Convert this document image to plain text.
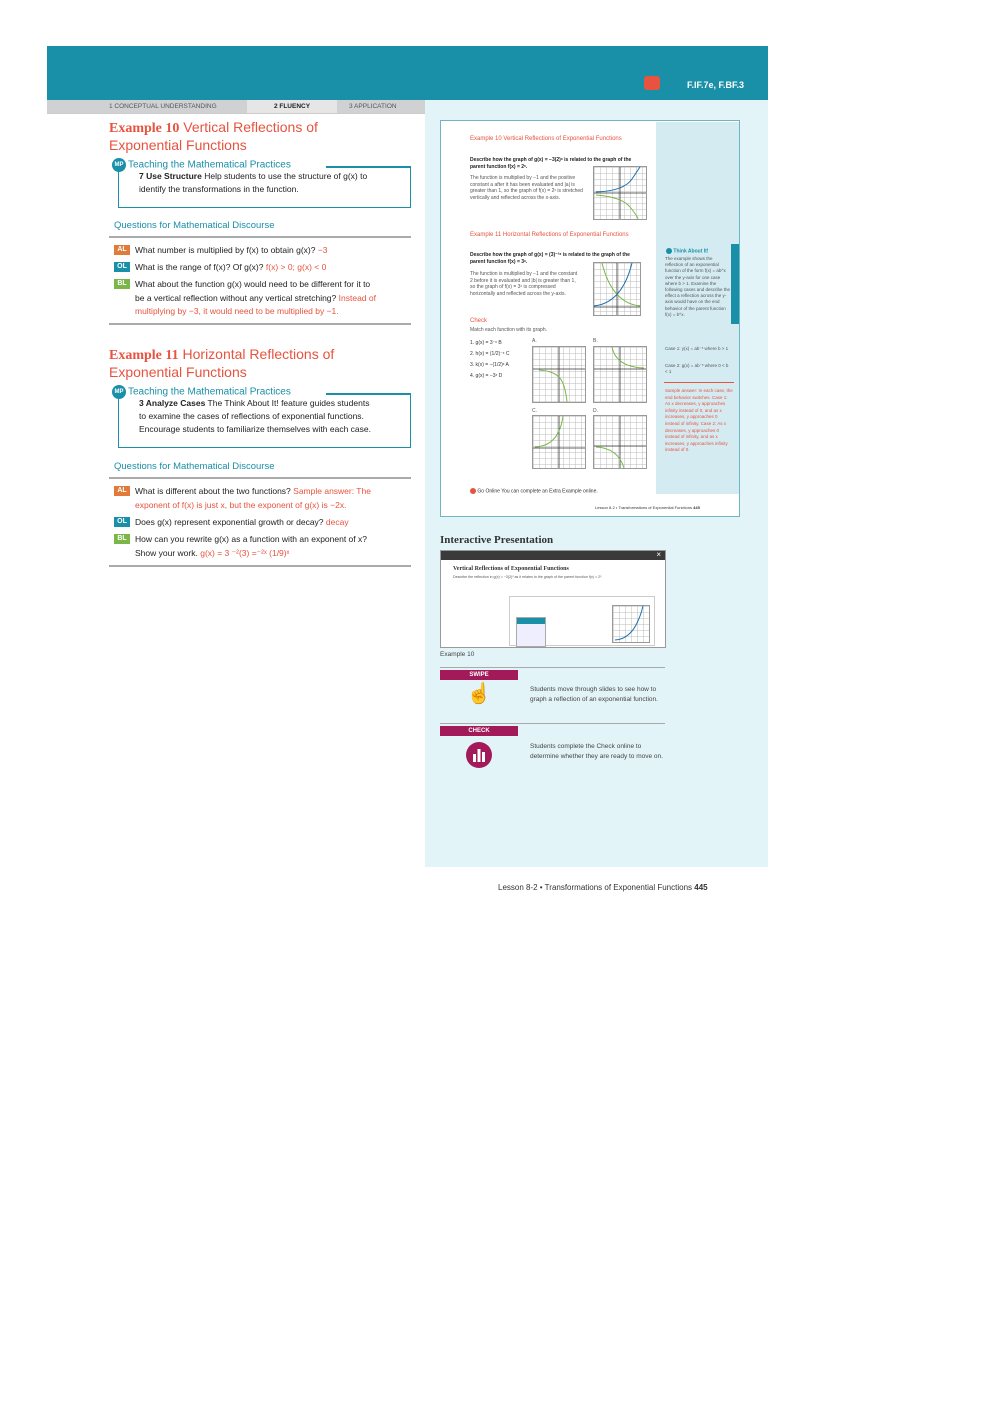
F.IF.7e, F.BF.3
1 CONCEPTUAL UNDERSTANDING	2 FLUENCY	3 APPLICATION
Example 10 Vertical Reflections of
Exponential Functions
MP Teaching the Mathematical Practices
7 Use Structure Help students to use the structure of g(x) to
identify the transformations in the function.
Questions for Mathematical Discourse
AL What number is multiplied by f(x) to obtain g(x)? −3
OL What is the range of f(x)? Of g(x)? f(x) > 0; g(x) < 0
BL What about the function g(x) would need to be different for it to
be a vertical reflection without any vertical stretching? Instead of
multiplying by −3, it would need to be multiplied by −1.
Example 11 Horizontal Reflections of
Exponential Functions
MP Teaching the Mathematical Practices
3 Analyze Cases The Think About It! feature guides students
to examine the cases of reflections of exponential functions.
Encourage students to familiarize themselves with each case.
Questions for Mathematical Discourse
AL What is different about the two functions? Sample answer: The
exponent of f(x) is just x, but the exponent of g(x) is −2x.
OL Does g(x) represent exponential growth or decay? decay
BL How can you rewrite g(x) as a function with an exponent of x?
Show your work. g(x) = 3 ⁻²(3) =⁻²ˣ (1/9)ˣ
Example 10 Vertical Reflections of Exponential Functions
Describe how the graph of g(x) = −3(2)ˣ is related to the graph of the parent function f(x) = 2ˣ.
The function is multiplied by −1 and the positive constant a after it has been evaluated and |a| is greater than 1, so the graph of f(x) = 2ˣ is stretched vertically and reflected across the x-axis.
Example 11 Horizontal Reflections of Exponential Functions
Describe how the graph of g(x) = (3)⁻²ˣ is related to the graph of the parent function f(x) = 3ˣ.
The function is multiplied by −1 and the constant 2 before it is evaluated and |b| is greater than 1, so the graph of f(x) = 3ˣ is compressed horizontally and reflected across the y-axis.
Check
Match each function with its graph.
1. g(x) = 3⁻ˣ B
2. h(x) = (1/2)⁻ˣ C
3. k(x) = −(1/2)ˣ A
4. g(x) = −3ˣ D
A.	B.
C.	D.
Go Online You can complete an Extra Example online.
Lesson 8-2 • Transformations of Exponential Functions 445
Think About It!
The example shows the reflection of an exponential function of the form f(x) = ab^x over the y-axis for one case where b > 1. Examine the following cases and describe the effect a reflection across the y-axis would have on the end behavior of the parent function f(x) = b^x.
Case 1: y(x) = ab⁻ˣ where b > 1
Case 2: g(x) = ab⁻ˣ where 0 < b < 1
Sample answer: In each case, the end behavior switches. Case 1: As x decreases, y approaches infinity instead of 0, and as x increases, y approaches 0 instead of infinity. Case 2: As x decreases, y approaches 0 instead of infinity, and as x increases, y approaches infinity instead of 0.
Interactive Presentation
×
Vertical Reflections of Exponential Functions
Describe the reflection in g(x) = −3(2)ˣ as it relates to the graph of the parent function f(x) = 2ˣ.
Example 10
SWIPE
☝	Students move through slides to see how to graph a reflection of an exponential function.
CHECK
Students complete the Check online to determine whether they are ready to move on.
Lesson 8-2 • Transformations of Exponential Functions 445
